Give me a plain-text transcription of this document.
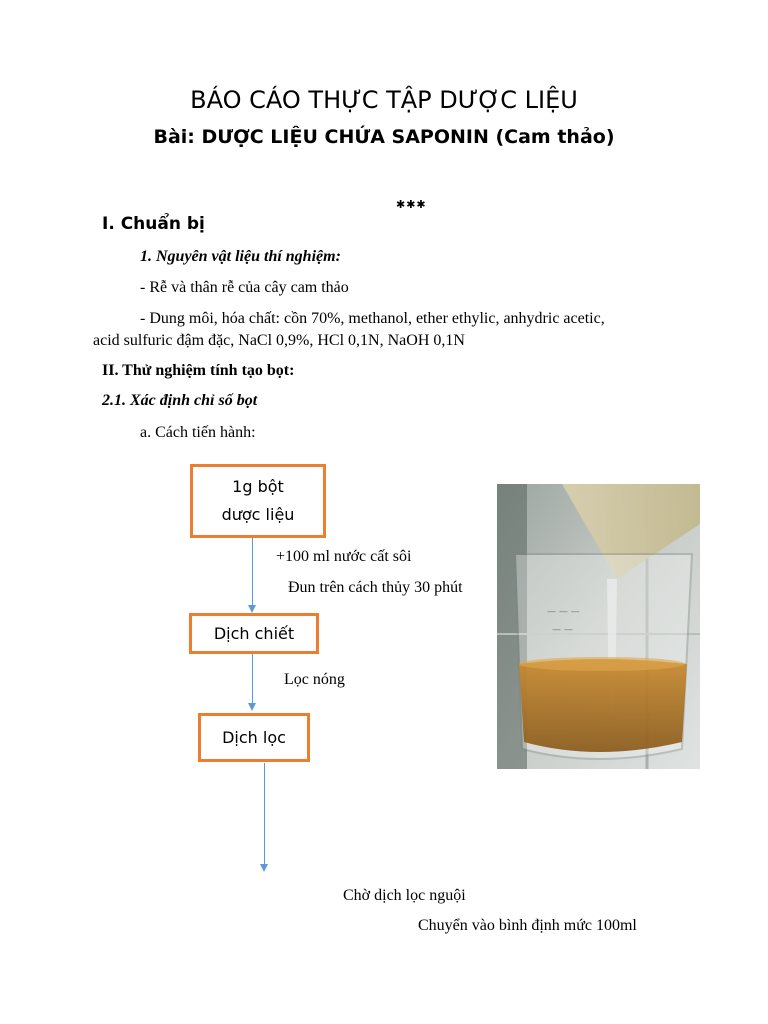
BÁO CÁO THỰC TẬP DƯỢC LIỆU
Bài: DƯỢC LIỆU CHỨA SAPONIN (Cam thảo)
✱✱✱
I. Chuẩn bị
1. Nguyên vật liệu thí nghiệm:
- Rễ và thân rễ của cây cam thảo
- Dung môi, hóa chất: cồn 70%, methanol, ether ethylic, anhydric acetic,
acid sulfuric đậm đặc, NaCl 0,9%, HCl 0,1N, NaOH 0,1N
II. Thử nghiệm tính tạo bọt:
2.1. Xác định chỉ số bọt
a. Cách tiến hành:
1g bột
dược liệu
+100 ml nước cất sôi
Đun trên cách thủy 30 phút
Dịch chiết
Lọc nóng
Dịch lọc
Chờ dịch lọc nguội
Chuyển vào bình định mức 100ml
— — —
— —
